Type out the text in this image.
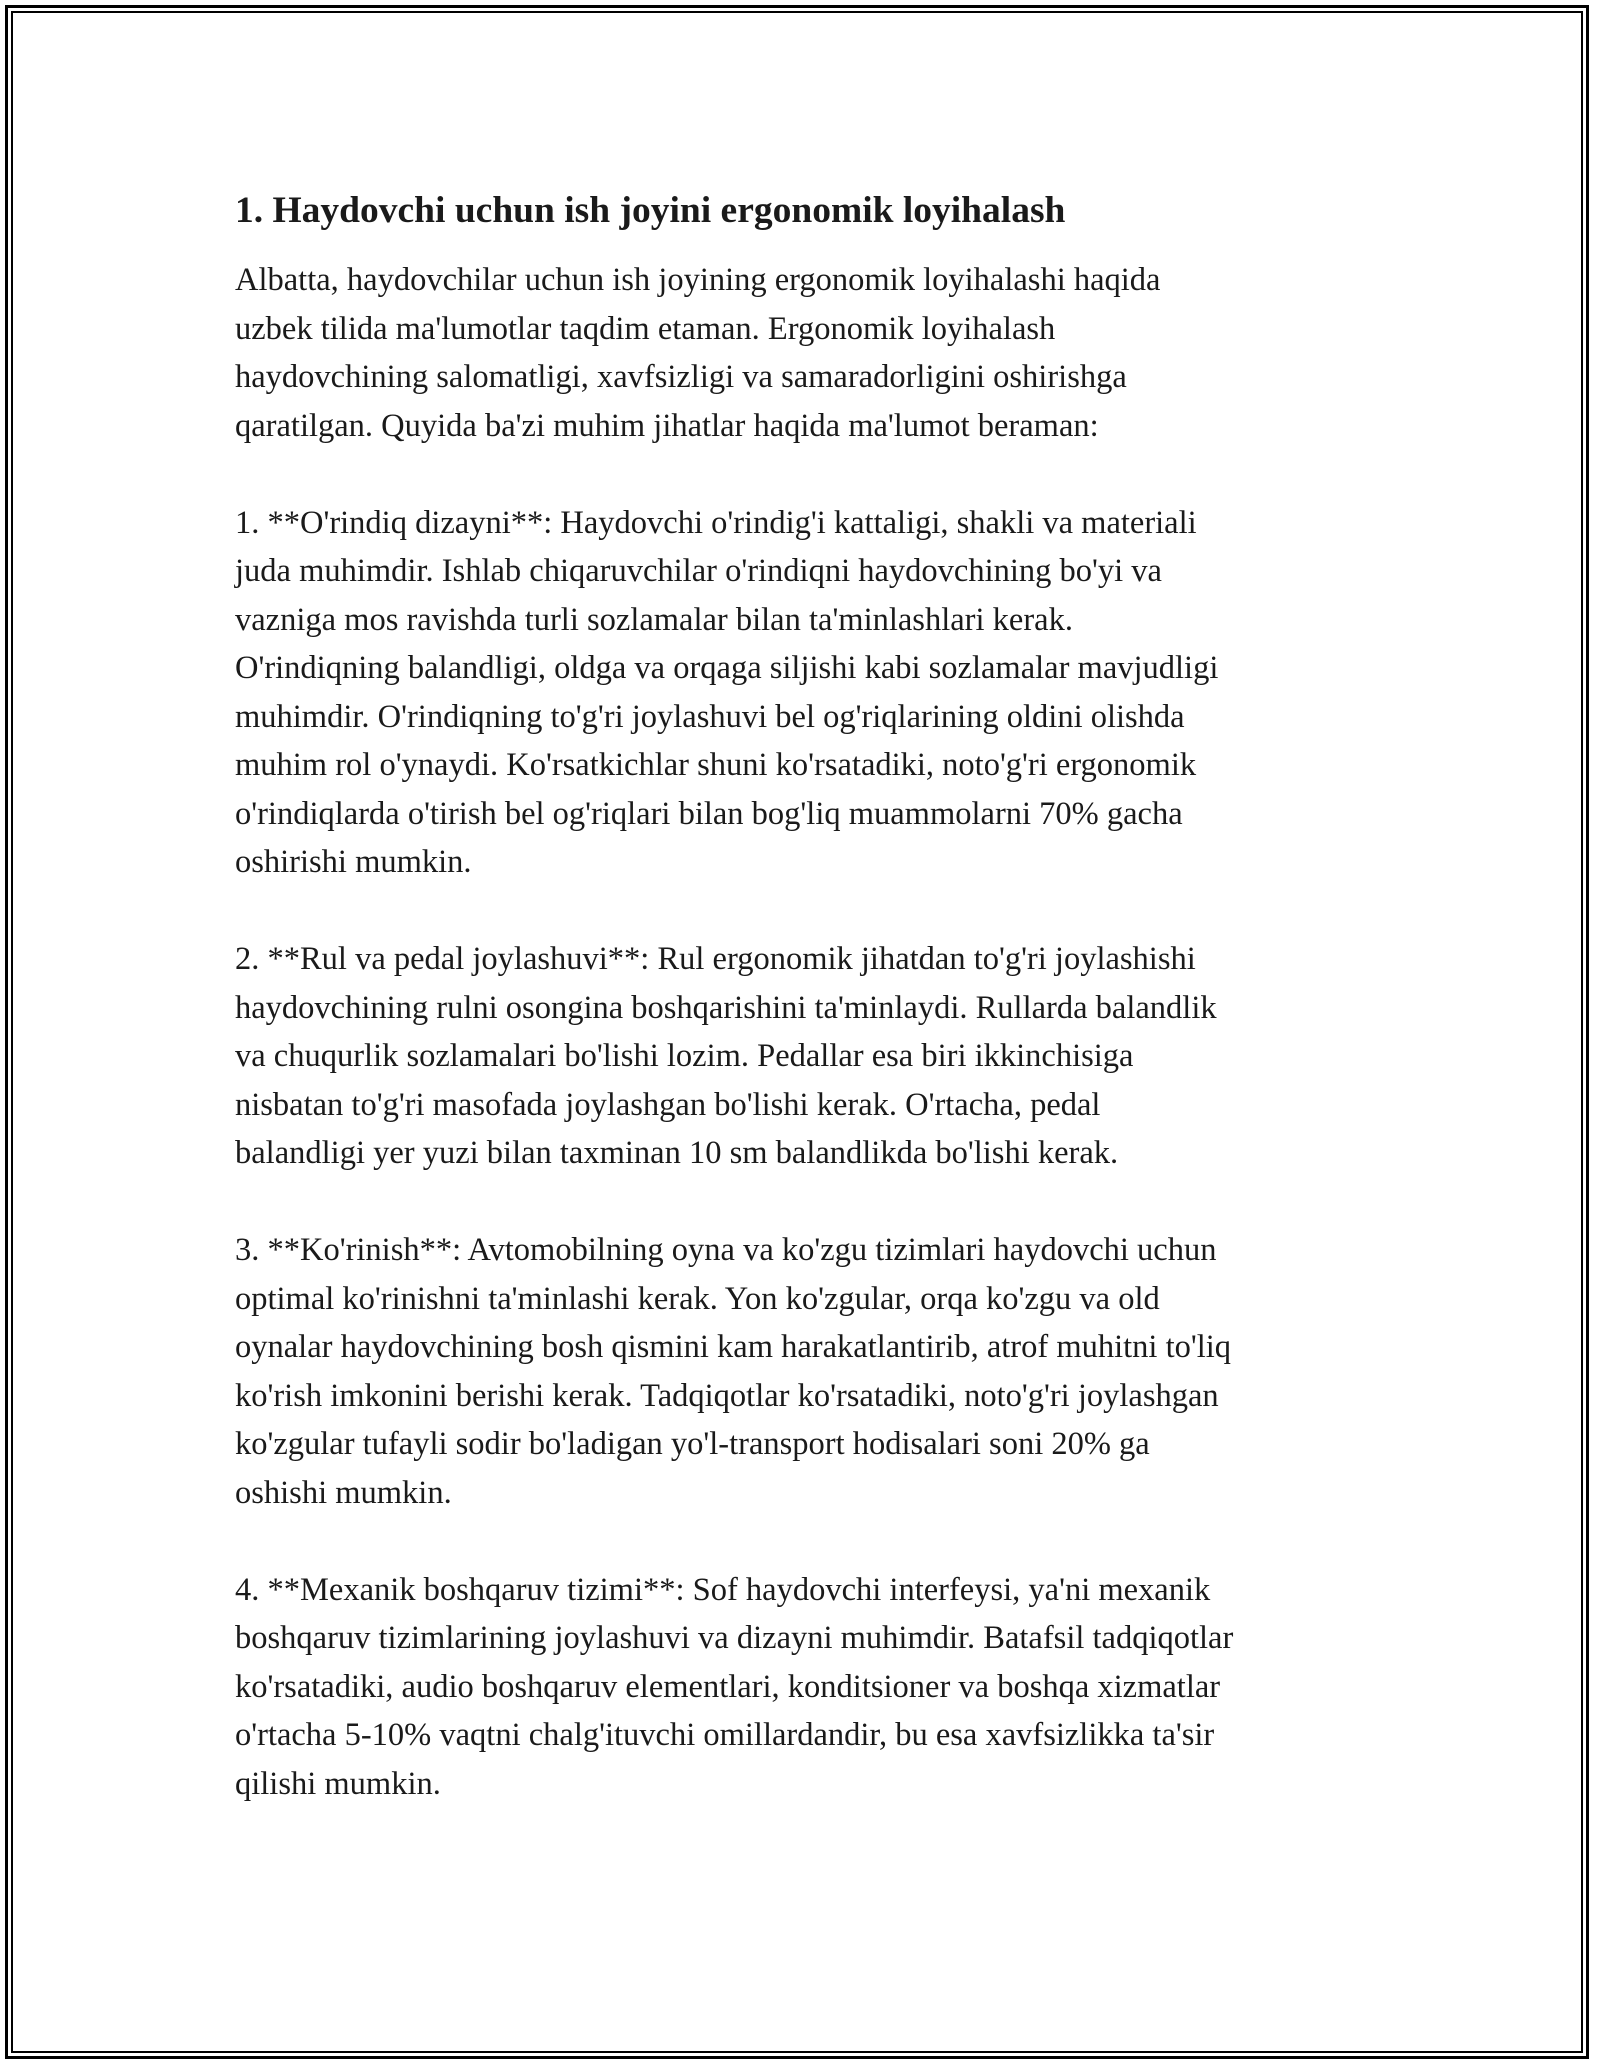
1. Haydovchi uchun ish joyini ergonomik loyihalash
Albatta, haydovchilar uchun ish joyining ergonomik loyihalashi haqida
uzbek tilida ma'lumotlar taqdim etaman. Ergonomik loyihalash
haydovchining salomatligi, xavfsizligi va samaradorligini oshirishga
qaratilgan. Quyida ba'zi muhim jihatlar haqida ma'lumot beraman:
1. **O'rindiq dizayni**: Haydovchi o'rindig'i kattaligi, shakli va materiali
juda muhimdir. Ishlab chiqaruvchilar o'rindiqni haydovchining bo'yi va
vazniga mos ravishda turli sozlamalar bilan ta'minlashlari kerak.
O'rindiqning balandligi, oldga va orqaga siljishi kabi sozlamalar mavjudligi
muhimdir. O'rindiqning to'g'ri joylashuvi bel og'riqlarining oldini olishda
muhim rol o'ynaydi. Ko'rsatkichlar shuni ko'rsatadiki, noto'g'ri ergonomik
o'rindiqlarda o'tirish bel og'riqlari bilan bog'liq muammolarni 70% gacha
oshirishi mumkin.
2. **Rul va pedal joylashuvi**: Rul ergonomik jihatdan to'g'ri joylashishi
haydovchining rulni osongina boshqarishini ta'minlaydi. Rullarda balandlik
va chuqurlik sozlamalari bo'lishi lozim. Pedallar esa biri ikkinchisiga
nisbatan to'g'ri masofada joylashgan bo'lishi kerak. O'rtacha, pedal
balandligi yer yuzi bilan taxminan 10 sm balandlikda bo'lishi kerak.
3. **Ko'rinish**: Avtomobilning oyna va ko'zgu tizimlari haydovchi uchun
optimal ko'rinishni ta'minlashi kerak. Yon ko'zgular, orqa ko'zgu va old
oynalar haydovchining bosh qismini kam harakatlantirib, atrof muhitni to'liq
ko'rish imkonini berishi kerak. Tadqiqotlar ko'rsatadiki, noto'g'ri joylashgan
ko'zgular tufayli sodir bo'ladigan yo'l-transport hodisalari soni 20% ga
oshishi mumkin.
4. **Mexanik boshqaruv tizimi**: Sof haydovchi interfeysi, ya'ni mexanik
boshqaruv tizimlarining joylashuvi va dizayni muhimdir. Batafsil tadqiqotlar
ko'rsatadiki, audio boshqaruv elementlari, konditsioner va boshqa xizmatlar
o'rtacha 5-10% vaqtni chalg'ituvchi omillardandir, bu esa xavfsizlikka ta'sir
qilishi mumkin.
